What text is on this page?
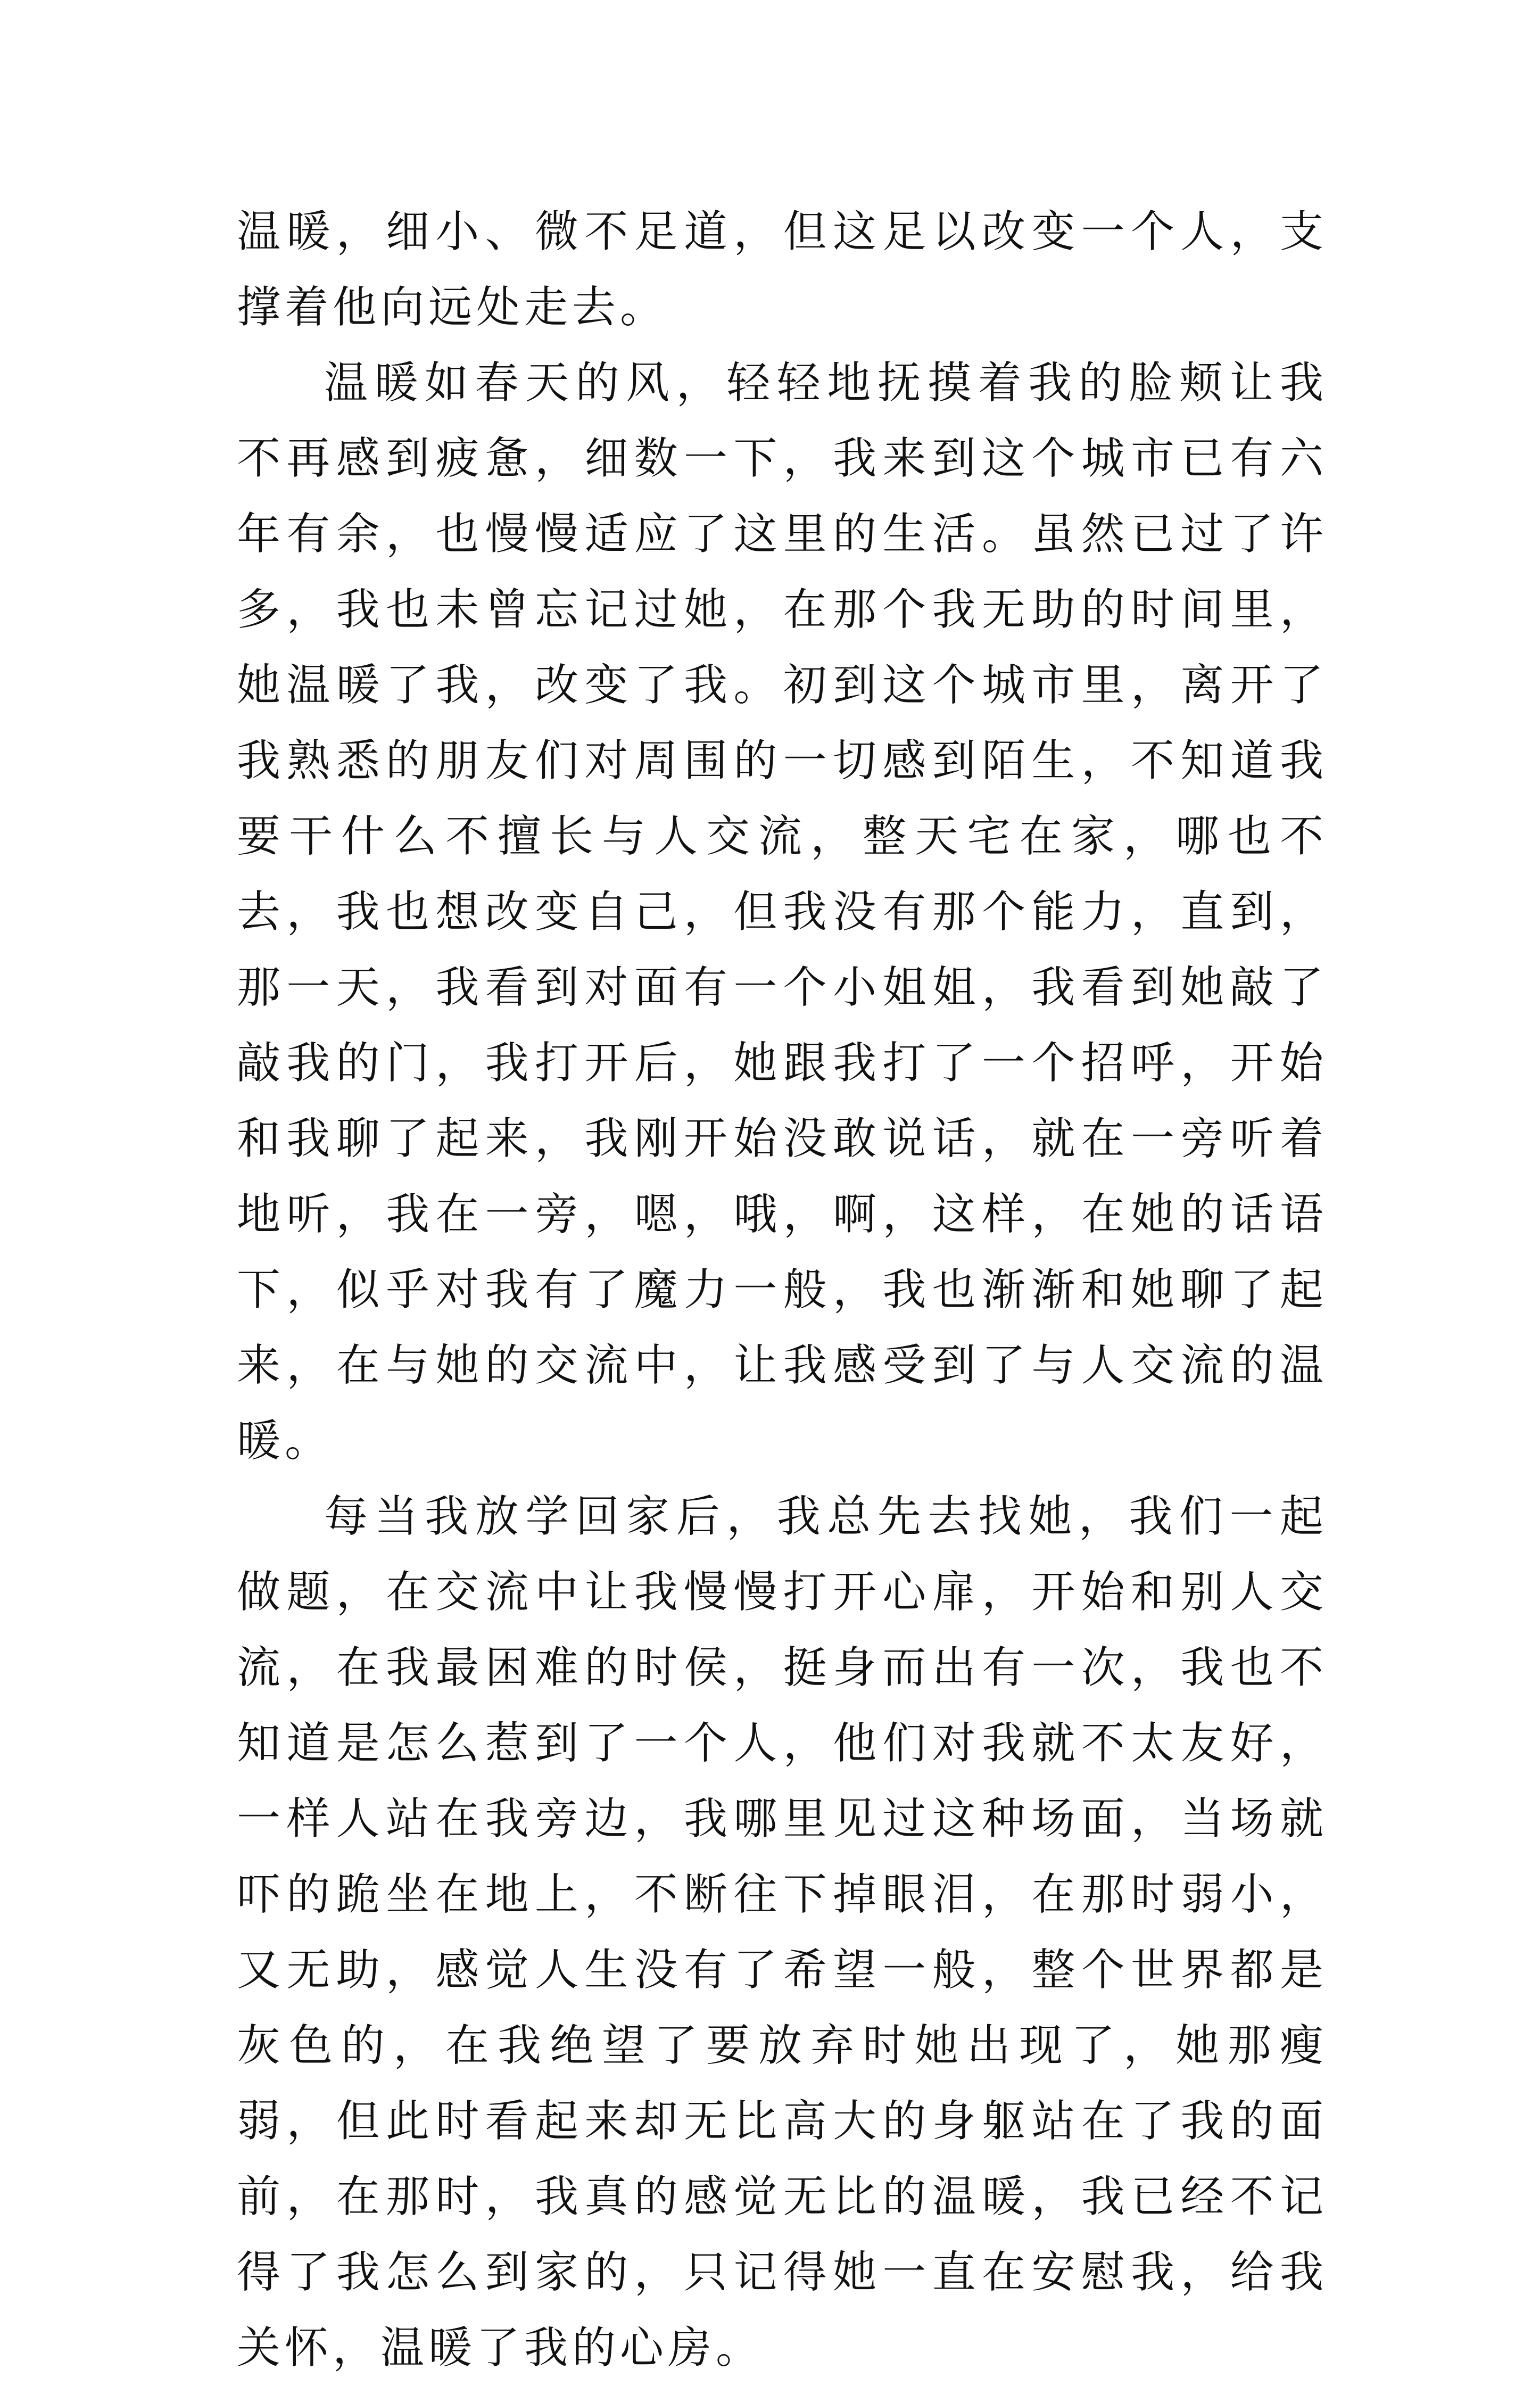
温暖，细小、微不足道，但这足以改变一个人，支撑着他向远处走去。

温暖如春天的风，轻轻地抚摸着我的脸颊让我不再感到疲惫，细数一下，我来到这个城市已有六年有余，也慢慢适应了这里的生活。虽然已过了许多，我也未曾忘记过她，在那个我无助的时间里，她温暖了我，改变了我。初到这个城市里，离开了我熟悉的朋友们对周围的一切感到陌生，不知道我要干什么不擅长与人交流，整天宅在家，哪也不去，我也想改变自己，但我没有那个能力，直到，那一天，我看到对面有一个小姐姐，我看到她敲了敲我的门，我打开后，她跟我打了一个招呼，开始和我聊了起来，我刚开始没敢说话，就在一旁听着地听，我在一旁，嗯，哦，啊，这样，在她的话语下，似乎对我有了魔力一般，我也渐渐和她聊了起来，在与她的交流中，让我感受到了与人交流的温暖。

每当我放学回家后，我总先去找她，我们一起做题，在交流中让我慢慢打开心扉，开始和别人交流，在我最困难的时侯，挺身而出有一次，我也不知道是怎么惹到了一个人，他们对我就不太友好，一样人站在我旁边，我哪里见过这种场面，当场就吓的跪坐在地上，不断往下掉眼泪，在那时弱小，又无助，感觉人生没有了希望一般，整个世界都是灰色的，在我绝望了要放弃时她出现了，她那瘦弱，但此时看起来却无比高大的身躯站在了我的面前，在那时，我真的感觉无比的温暖，我已经不记得了我怎么到家的，只记得她一直在安慰我，给我关怀，温暖了我的心房。
